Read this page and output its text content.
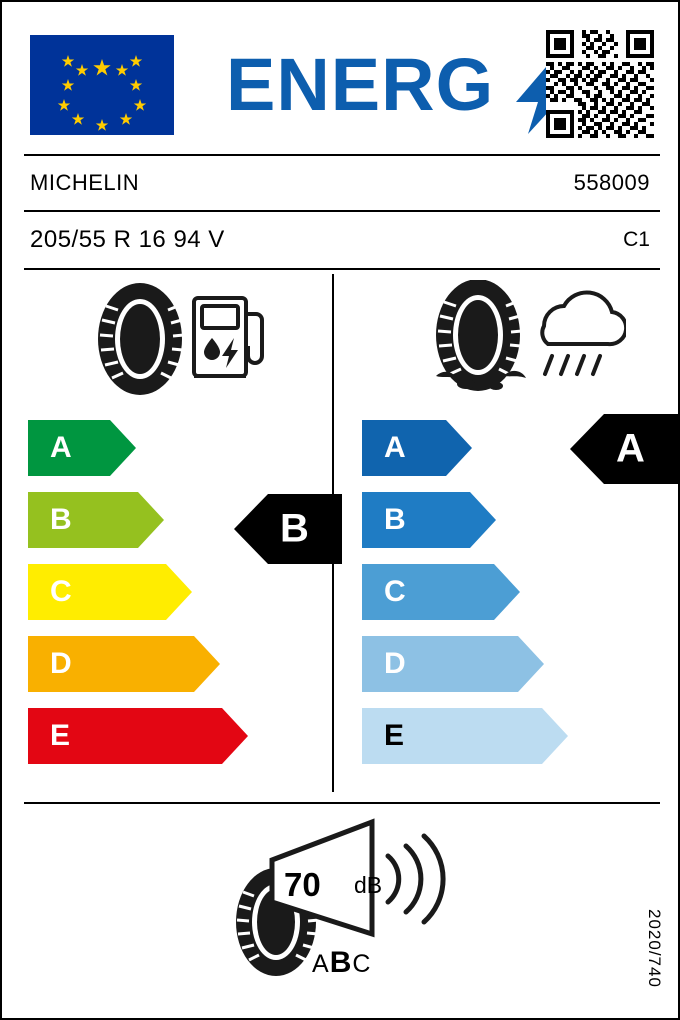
ENERG
MICHELIN	558009
205/55 R 16 94 V	C1
A
B
C
D
E
B
A
B
C
D
E
A
70 dB
ABC	2020/740
